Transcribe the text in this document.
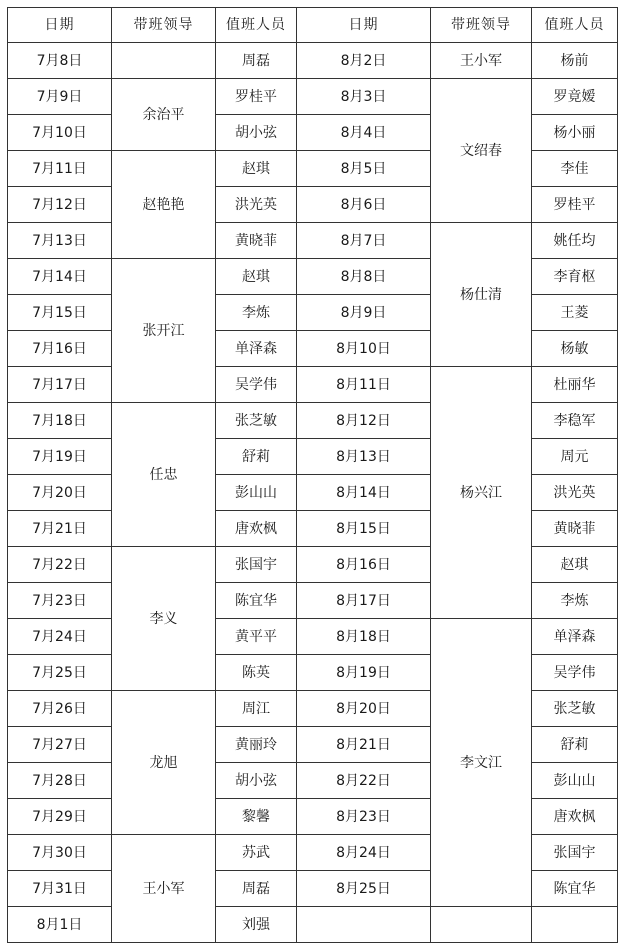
日期	带班领导	值班人员	日期	带班领导	值班人员
7月8日		周磊	8月2日	王小军	杨前
7月9日	余治平	罗桂平	8月3日	文绍春	罗竟嫒
7月10日		胡小弦	8月4日		杨小丽
7月11日	赵艳艳	赵琪	8月5日		李佳
7月12日		洪光英	8月6日		罗桂平
7月13日		黄晓菲	8月7日	杨仕清	姚任均
7月14日	张开江	赵琪	8月8日		李育枢
7月15日		李炼	8月9日		王菱
7月16日		单泽森	8月10日		杨敏
7月17日		吴学伟	8月11日	杨兴江	杜丽华
7月18日	任忠	张芝敏	8月12日		李稳军
7月19日		舒莉	8月13日		周元
7月20日		彭山山	8月14日		洪光英
7月21日		唐欢枫	8月15日		黄晓菲
7月22日	李义	张国宇	8月16日		赵琪
7月23日		陈宜华	8月17日		李炼
7月24日		黄平平	8月18日	李文江	单泽森
7月25日		陈英	8月19日		吴学伟
7月26日	龙旭	周江	8月20日		张芝敏
7月27日		黄丽玲	8月21日		舒莉
7月28日		胡小弦	8月22日		彭山山
7月29日		黎馨	8月23日		唐欢枫
7月30日	王小军	苏武	8月24日		张国宇
7月31日		周磊	8月25日		陈宜华
8月1日		刘强			
